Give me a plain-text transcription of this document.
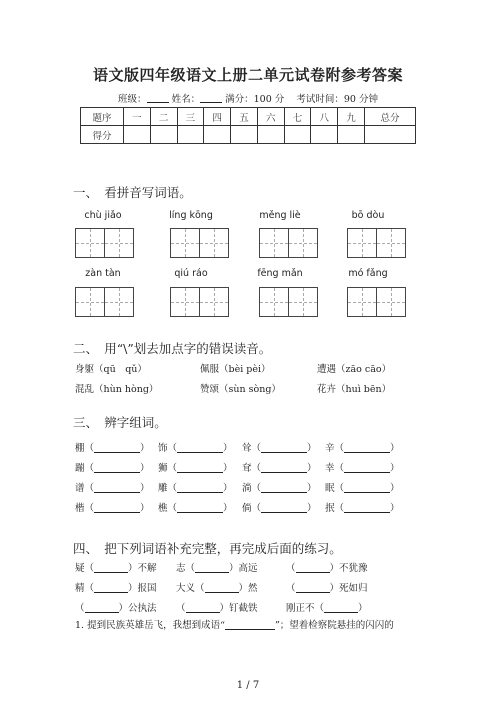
语文版四年级语文上册二单元试卷附参考答案
班级：	姓名：	满分：100 分 考试时间：90 分钟
题序	一	二	三	四	五	六	七	八	九	总分
得分										
一、　看拼音写词语。
chù jiǎo	líng kōng	měng liè	bō dòu
zàn tàn	qiú ráo	fēng mǎn	mó fǎng
二、　用“\”划去加点字的错误读音。
身躯（qū　qǔ）	佩服（bèi pèi）	遭遇（zāo cāo）
混乱（hùn hòng）	赞颂（sùn sòng）	花卉（huì bēn）
三、　辨字组词。
棚（	） 饰（	） 耸（	） 辛（	）
蹦（	） 狮（	） 耷（	） 幸（	）
谱（	） 雕（	） 淌（	） 眠（	）
楷（	） 樵（	） 倘（	） 抿（	）
四、　把下列词语补充完整，再完成后面的练习。
疑（	）不解 志（	）高远	（	）不犹豫
精（	）报国 大义（	）然	（	）死如归
（	）公执法 （	）钉截铁	刚正不（	）
1. 提到民族英雄岳飞，我想到成语“	”；望着检察院悬挂的闪闪的
1 / 7
